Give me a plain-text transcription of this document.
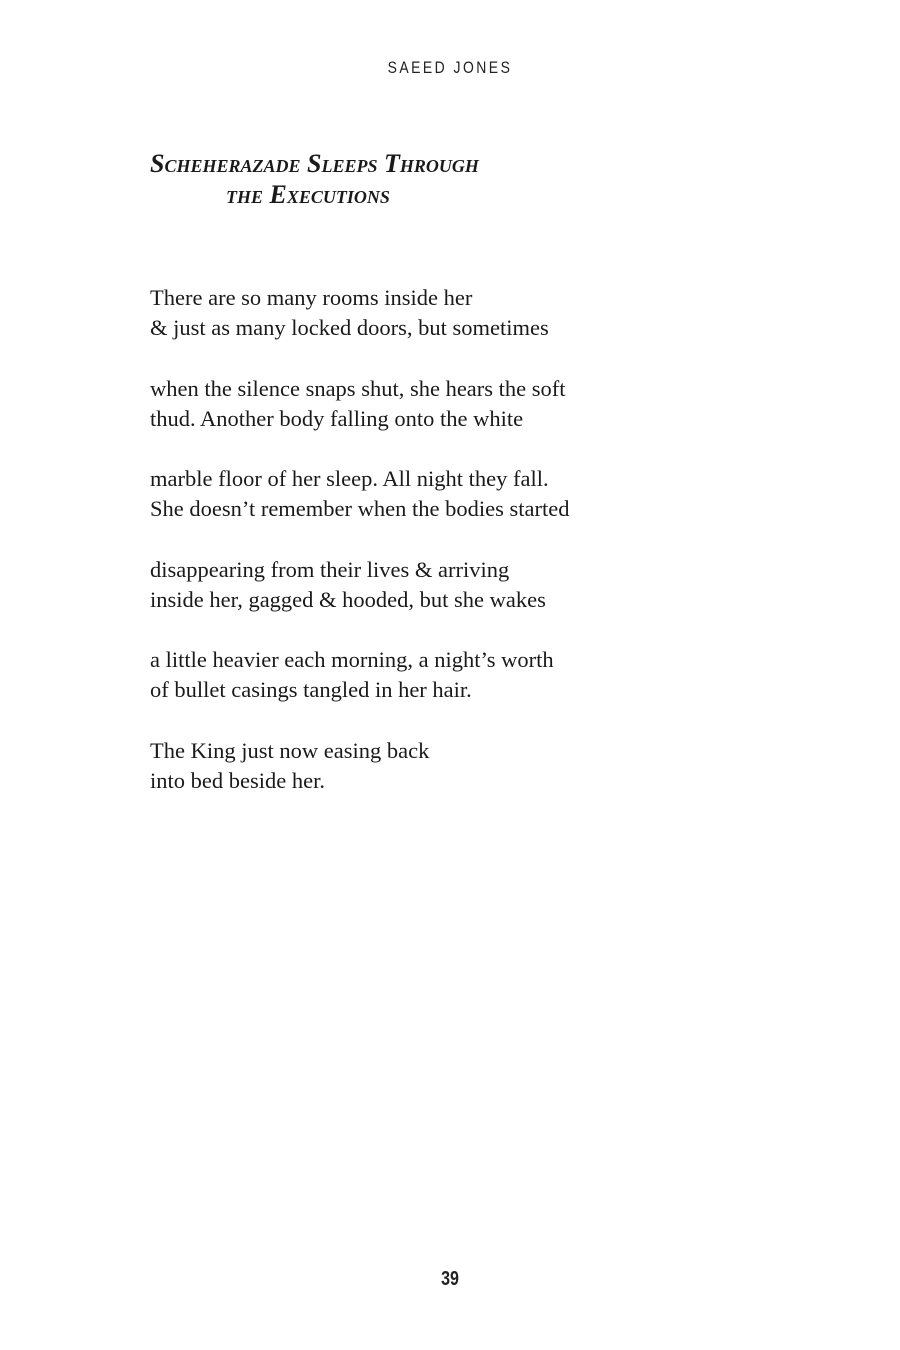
SAEED JONES
Scheherazade Sleeps Through
the Executions
There are so many rooms inside her
& just as many locked doors, but sometimes
when the silence snaps shut, she hears the soft
thud. Another body falling onto the white
marble floor of her sleep. All night they fall.
She doesn’t remember when the bodies started
disappearing from their lives & arriving
inside her, gagged & hooded, but she wakes
a little heavier each morning, a night’s worth
of bullet casings tangled in her hair.
The King just now easing back
into bed beside her.
39
